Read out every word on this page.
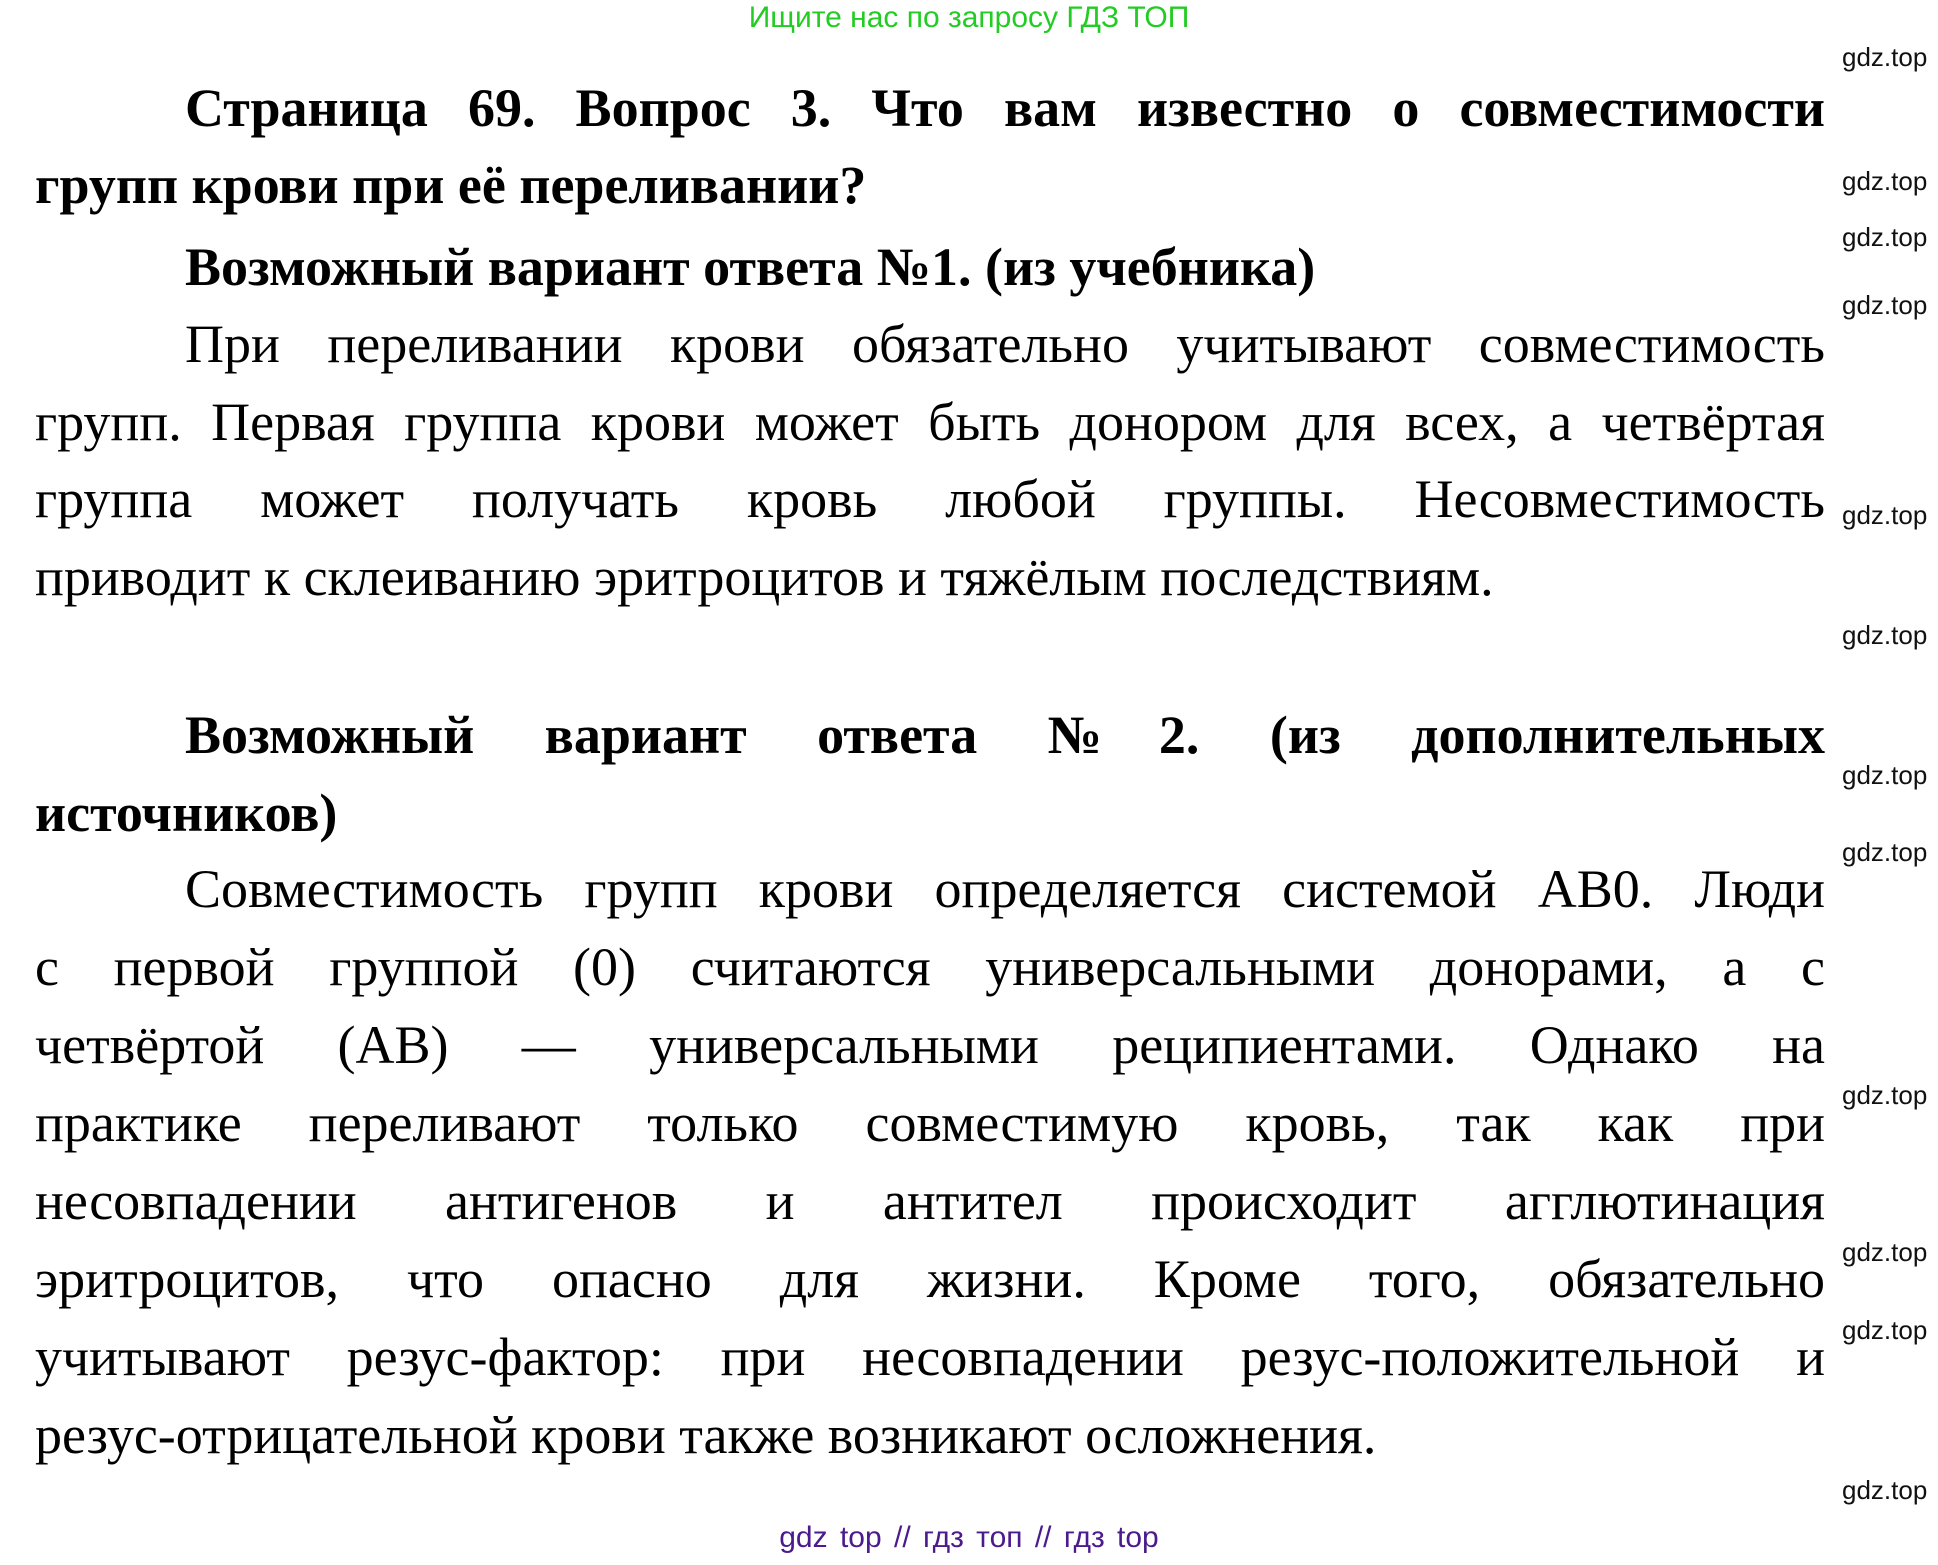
Ищите нас по запросу ГДЗ ТОП
Страница 69. Вопрос 3. Что вам известно о совместимости
групп крови при её переливании?
Возможный вариант ответа №1. (из учебника)
При переливании крови обязательно учитывают совместимость
групп. Первая группа крови может быть донором для всех, а четвёртая
группа может получать кровь любой группы. Несовместимость
приводит к склеиванию эритроцитов и тяжёлым последствиям.
Возможный вариант ответа №2. (из дополнительных
источников)
Совместимость групп крови определяется системой AB0. Люди
с первой группой (0) считаются универсальными донорами, а с
четвёртой (AB) — универсальными реципиентами. Однако на
практике переливают только совместимую кровь, так как при
несовпадении антигенов и антител происходит агглютинация
эритроцитов, что опасно для жизни. Кроме того, обязательно
учитывают резус-фактор: при несовпадении резус-положительной и
резус-отрицательной крови также возникают осложнения.
gdz.top
gdz.top
gdz.top
gdz.top
gdz.top
gdz.top
gdz.top
gdz.top
gdz.top
gdz.top
gdz.top
gdz.top
gdz top // гдз топ // гдз top
